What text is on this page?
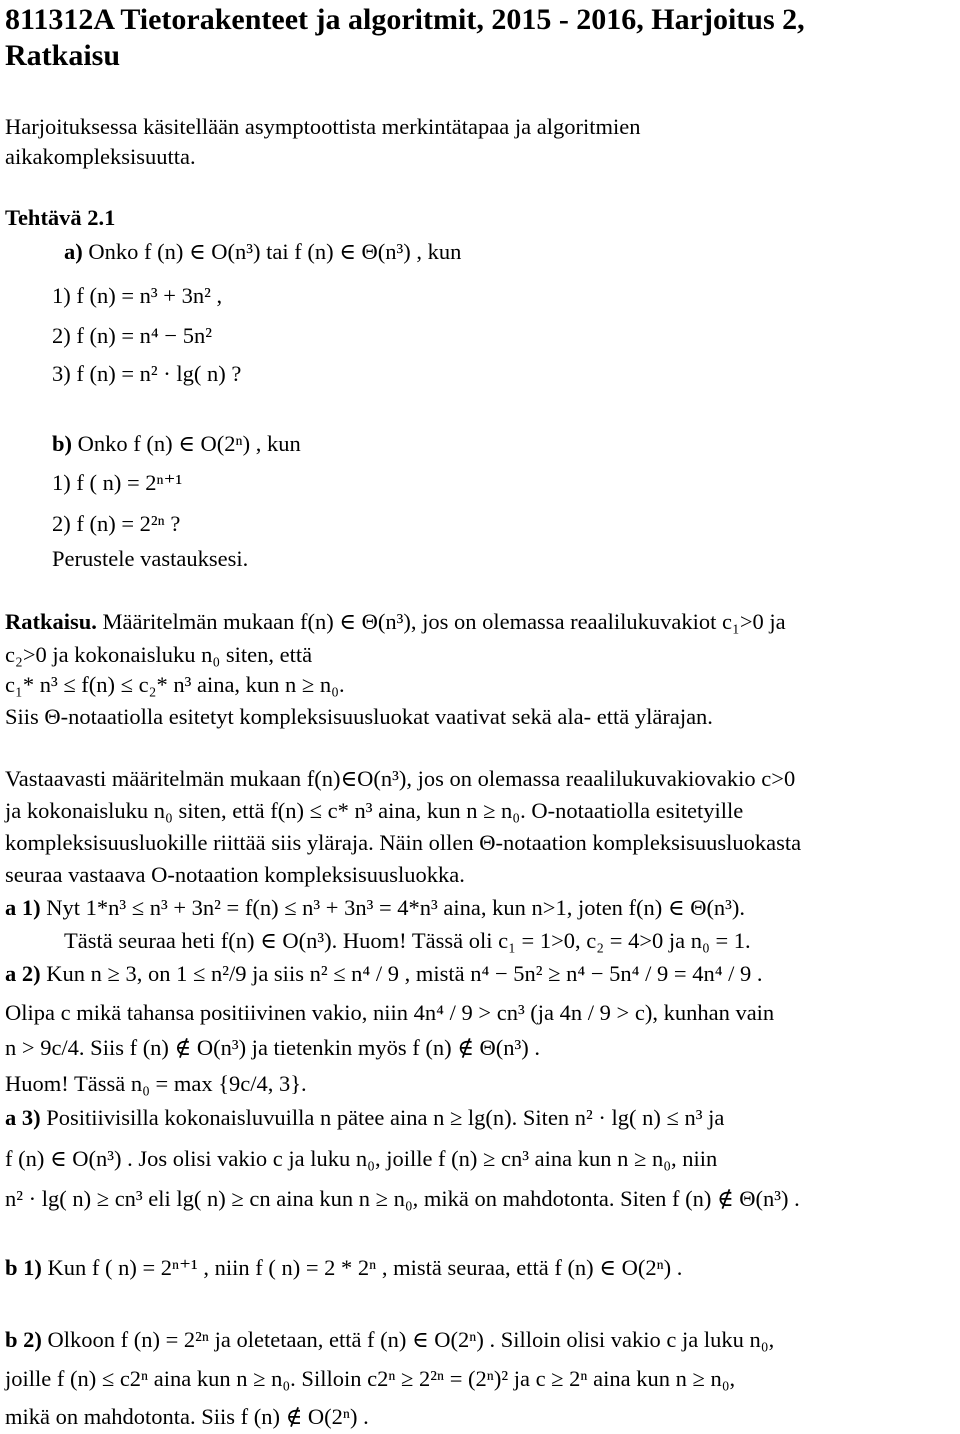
811312A Tietorakenteet ja algoritmit, 2015 - 2016, Harjoitus 2,
Ratkaisu
Harjoituksessa käsitellään asymptoottista merkintätapaa ja algoritmien
aikakompleksisuutta.
Tehtävä 2.1
a) Onko f (n) ∈ O(n³) tai f (n) ∈ Θ(n³) , kun
1) f (n) = n³ + 3n² ,
2) f (n) = n⁴ − 5n²
3) f (n) = n² · lg( n) ?
b) Onko f (n) ∈ O(2ⁿ) , kun
1) f ( n) = 2ⁿ⁺¹
2) f (n) = 2²ⁿ ?
Perustele vastauksesi.
Ratkaisu. Määritelmän mukaan f(n) ∈ Θ(n³), jos on olemassa reaalilukuvakiot c₁>0 ja
c₂>0 ja kokonaisluku n₀ siten, että
c₁* n³ ≤ f(n) ≤ c₂* n³ aina, kun n ≥ n₀.
Siis Θ-notaatiolla esitetyt kompleksisuusluokat vaativat sekä ala- että ylärajan.
Vastaavasti määritelmän mukaan f(n)∈O(n³), jos on olemassa reaalilukuvakiovakio c>0
ja kokonaisluku n₀ siten, että f(n) ≤ c* n³ aina, kun n ≥ n₀. O-notaatiolla esitetyille
kompleksisuusluokille riittää siis yläraja. Näin ollen Θ-notaation kompleksisuusluokasta
seuraa vastaava O-notaation kompleksisuusluokka.
a 1) Nyt 1*n³ ≤ n³ + 3n² = f(n) ≤ n³ + 3n³ = 4*n³ aina, kun n>1, joten f(n) ∈ Θ(n³).
Tästä seuraa heti f(n) ∈ O(n³). Huom! Tässä oli c₁ = 1>0, c₂ = 4>0 ja n₀ = 1.
a 2) Kun n ≥ 3, on 1 ≤ n²/9 ja siis n² ≤ n⁴ / 9 , mistä n⁴ − 5n² ≥ n⁴ − 5n⁴ / 9 = 4n⁴ / 9 .
Olipa c mikä tahansa positiivinen vakio, niin 4n⁴ / 9 > cn³ (ja 4n / 9 > c), kunhan vain
n > 9c/4. Siis f (n) ∉ O(n³) ja tietenkin myös f (n) ∉ Θ(n³) .
Huom! Tässä n₀ = max {9c/4, 3}.
a 3) Positiivisilla kokonaisluvuilla n pätee aina n ≥ lg(n). Siten n² · lg( n) ≤ n³ ja
f (n) ∈ O(n³) . Jos olisi vakio c ja luku n₀, joille f (n) ≥ cn³ aina kun n ≥ n₀, niin
n² · lg( n) ≥ cn³ eli lg( n) ≥ cn aina kun n ≥ n₀, mikä on mahdotonta. Siten f (n) ∉ Θ(n³) .
b 1) Kun f ( n) = 2ⁿ⁺¹ , niin f ( n) = 2 * 2ⁿ , mistä seuraa, että f (n) ∈ O(2ⁿ) .
b 2) Olkoon f (n) = 2²ⁿ ja oletetaan, että f (n) ∈ O(2ⁿ) . Silloin olisi vakio c ja luku n₀,
joille f (n) ≤ c2ⁿ aina kun n ≥ n₀. Silloin c2ⁿ ≥ 2²ⁿ = (2ⁿ)² ja c ≥ 2ⁿ aina kun n ≥ n₀,
mikä on mahdotonta. Siis f (n) ∉ O(2ⁿ) .
